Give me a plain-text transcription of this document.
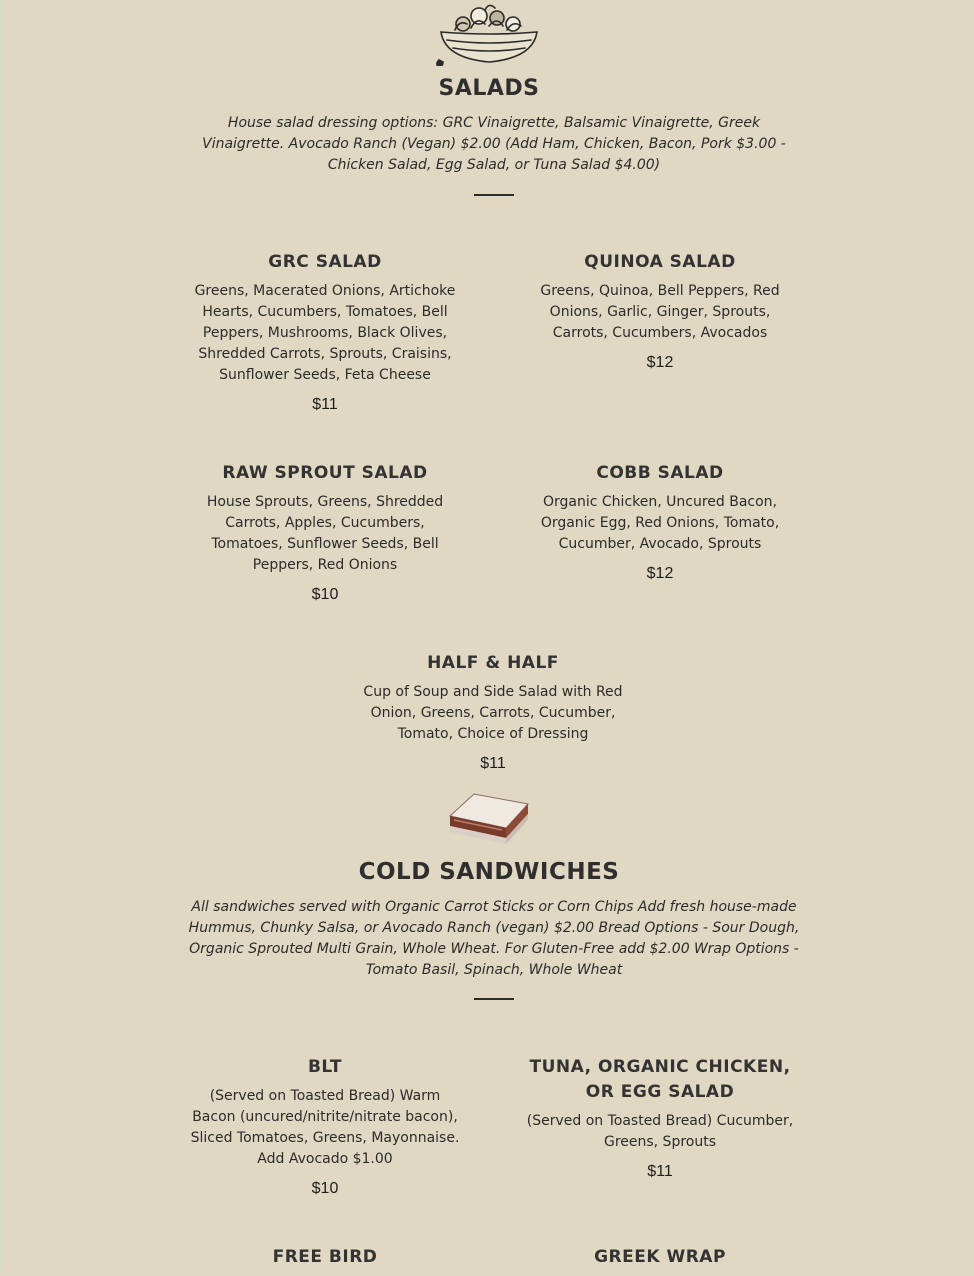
SALADS

House salad dressing options: GRC Vinaigrette, Balsamic Vinaigrette, Greek Vinaigrette. Avocado Ranch (Vegan) $2.00 (Add Ham, Chicken, Bacon, Pork $3.00 - Chicken Salad, Egg Salad, or Tuna Salad $4.00)

GRC SALAD

Greens, Macerated Onions, Artichoke Hearts, Cucumbers, Tomatoes, Bell Peppers, Mushrooms, Black Olives, Shredded Carrots, Sprouts, Craisins, Sunflower Seeds, Feta Cheese

$11

QUINOA SALAD

Greens, Quinoa, Bell Peppers, Red Onions, Garlic, Ginger, Sprouts, Carrots, Cucumbers, Avocados

$12

RAW SPROUT SALAD

House Sprouts, Greens, Shredded Carrots, Apples, Cucumbers, Tomatoes, Sunflower Seeds, Bell Peppers, Red Onions

$10

COBB SALAD

Organic Chicken, Uncured Bacon, Organic Egg, Red Onions, Tomato, Cucumber, Avocado, Sprouts

$12

HALF & HALF

Cup of Soup and Side Salad with Red Onion, Greens, Carrots, Cucumber, Tomato, Choice of Dressing

$11

COLD SANDWICHES

All sandwiches served with Organic Carrot Sticks or Corn Chips Add fresh house-made Hummus, Chunky Salsa, or Avocado Ranch (vegan) $2.00 Bread Options - Sour Dough, Organic Sprouted Multi Grain, Whole Wheat. For Gluten-Free add $2.00 Wrap Options - Tomato Basil, Spinach, Whole Wheat

BLT

(Served on Toasted Bread) Warm Bacon (uncured/nitrite/nitrate bacon), Sliced Tomatoes, Greens, Mayonnaise. Add Avocado $1.00

$10

TUNA, ORGANIC CHICKEN, OR EGG SALAD

(Served on Toasted Bread) Cucumber, Greens, Sprouts

$11

FREE BIRD	GREEK WRAP
